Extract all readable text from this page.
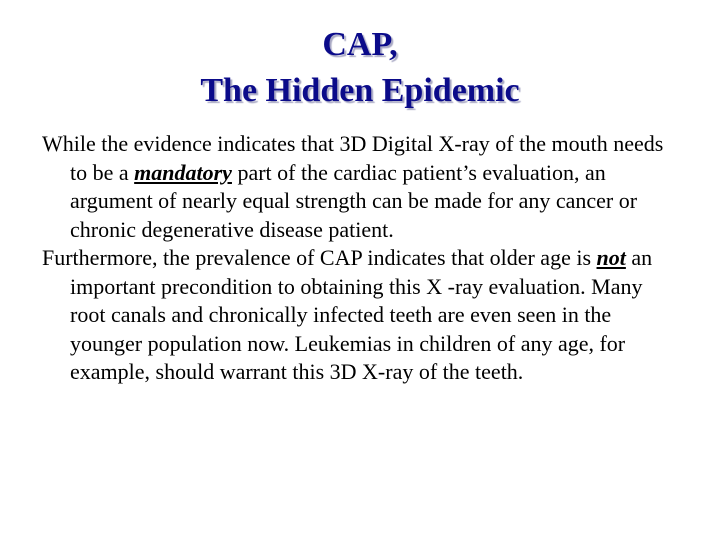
CAP,
The Hidden Epidemic

While the evidence indicates that 3D Digital X-ray of the mouth needs to be a mandatory part of the cardiac patient’s evaluation, an argument of nearly equal strength can be made for any cancer or chronic degenerative disease patient.

Furthermore, the prevalence of CAP indicates that older age is not an important precondition to obtaining this X -ray evaluation. Many root canals and chronically infected teeth are even seen in the younger population now. Leukemias in children of any age, for example, should warrant this 3D X-ray of the teeth.
